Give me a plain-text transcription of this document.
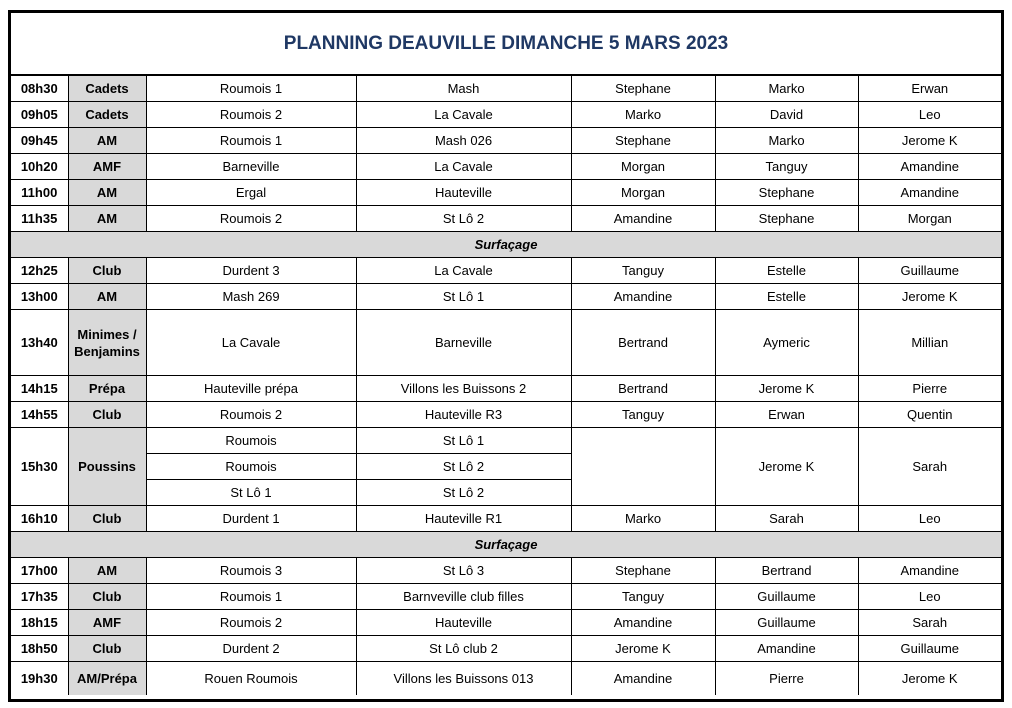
PLANNING DEAUVILLE DIMANCHE 5 MARS 2023
08h30	Cadets	Roumois 1	Mash	Stephane	Marko	Erwan
09h05	Cadets	Roumois 2	La Cavale	Marko	David	Leo
09h45	AM	Roumois 1	Mash 026	Stephane	Marko	Jerome K
10h20	AMF	Barneville	La Cavale	Morgan	Tanguy	Amandine
11h00	AM	Ergal	Hauteville	Morgan	Stephane	Amandine
11h35	AM	Roumois 2	St Lô 2	Amandine	Stephane	Morgan
Surfaçage						
12h25	Club	Durdent 3	La Cavale	Tanguy	Estelle	Guillaume
13h00	AM	Mash 269	St Lô 1	Amandine	Estelle	Jerome K
13h40	Minimes / Benjamins	La Cavale	Barneville	Bertrand	Aymeric	Millian
14h15	Prépa	Hauteville prépa	Villons les Buissons 2	Bertrand	Jerome K	Pierre
14h55	Club	Roumois 2	Hauteville R3	Tanguy	Erwan	Quentin
15h30	Poussins	Roumois	St Lô 1		Jerome K	Sarah
		Roumois	St Lô 2			
		St Lô 1	St Lô 2			
16h10	Club	Durdent 1	Hauteville R1	Marko	Sarah	Leo
Surfaçage						
17h00	AM	Roumois 3	St Lô 3	Stephane	Bertrand	Amandine
17h35	Club	Roumois 1	Barnveville club filles	Tanguy	Guillaume	Leo
18h15	AMF	Roumois 2	Hauteville	Amandine	Guillaume	Sarah
18h50	Club	Durdent 2	St Lô club 2	Jerome K	Amandine	Guillaume
19h30	AM/Prépa	Rouen Roumois	Villons les Buissons 013	Amandine	Pierre	Jerome K
